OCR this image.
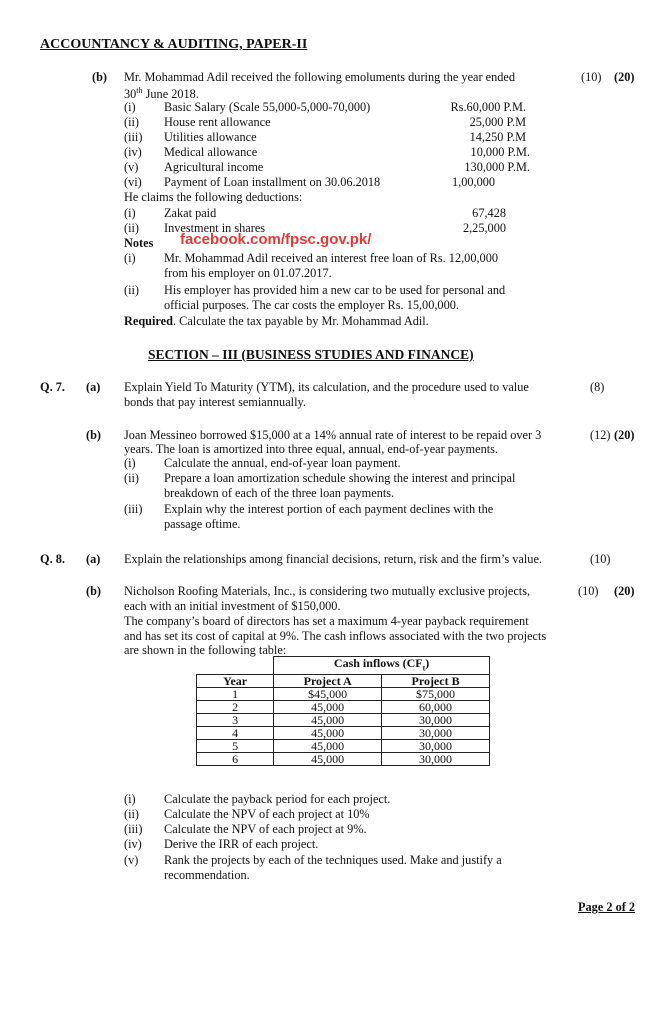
ACCOUNTANCY & AUDITING, PAPER-II
(b) Mr. Mohammad Adil received the following emoluments during the year ended
30th June 2018.
(10) (20)
(i) Basic Salary (Scale 55,000-5,000-70,000)	Rs.60,000 P.M.
(ii) House rent allowance	25,000 P.M
(iii) Utilities allowance	14,250 P.M
(iv) Medical allowance	10,000 P.M.
(v) Agricultural income	130,000 P.M.
(vi) Payment of Loan installment on 30.06.2018	1,00,000
He claims the following deductions:
(i) Zakat paid	67,428
(ii) Investment in shares	2,25,000
Notes facebook.com/fpsc.gov.pk/
(i) Mr. Mohammad Adil received an interest free loan of Rs. 12,00,000
from his employer on 01.07.2017.
(ii) His employer has provided him a new car to be used for personal and
official purposes. The car costs the employer Rs. 15,00,000.
Required. Calculate the tax payable by Mr. Mohammad Adil.
SECTION – III (BUSINESS STUDIES AND FINANCE)
Q. 7. (a) Explain Yield To Maturity (YTM), its calculation, and the procedure used to value
bonds that pay interest semiannually.
(8)
(b) Joan Messineo borrowed $15,000 at a 14% annual rate of interest to be repaid over 3
years. The loan is amortized into three equal, annual, end-of-year payments.
(12) (20)
(i) Calculate the annual, end-of-year loan payment.
(ii) Prepare a loan amortization schedule showing the interest and principal
breakdown of each of the three loan payments.
(iii) Explain why the interest portion of each payment declines with the
passage oftime.
Q. 8. (a) Explain the relationships among financial decisions, return, risk and the firm’s value.	(10)
(b) Nicholson Roofing Materials, Inc., is considering two mutually exclusive projects,
each with an initial investment of $150,000.
The company’s board of directors has set a maximum 4-year payback requirement
and has set its cost of capital at 9%. The cash inflows associated with the two projects
are shown in the following table:
(10) (20)
	Cash inflows $(CF_t)$	
Year	Project A	Project B
1	$45,000	$75,000
2	45,000	60,000
3	45,000	30,000
4	45,000	30,000
5	45,000	30,000
6	45,000	30,000
(i) Calculate the payback period for each project.
(ii) Calculate the NPV of each project at 10%
(iii) Calculate the NPV of each project at 9%.
(iv) Derive the IRR of each project.
(v) Rank the projects by each of the techniques used. Make and justify a
recommendation.
Page 2 of 2
